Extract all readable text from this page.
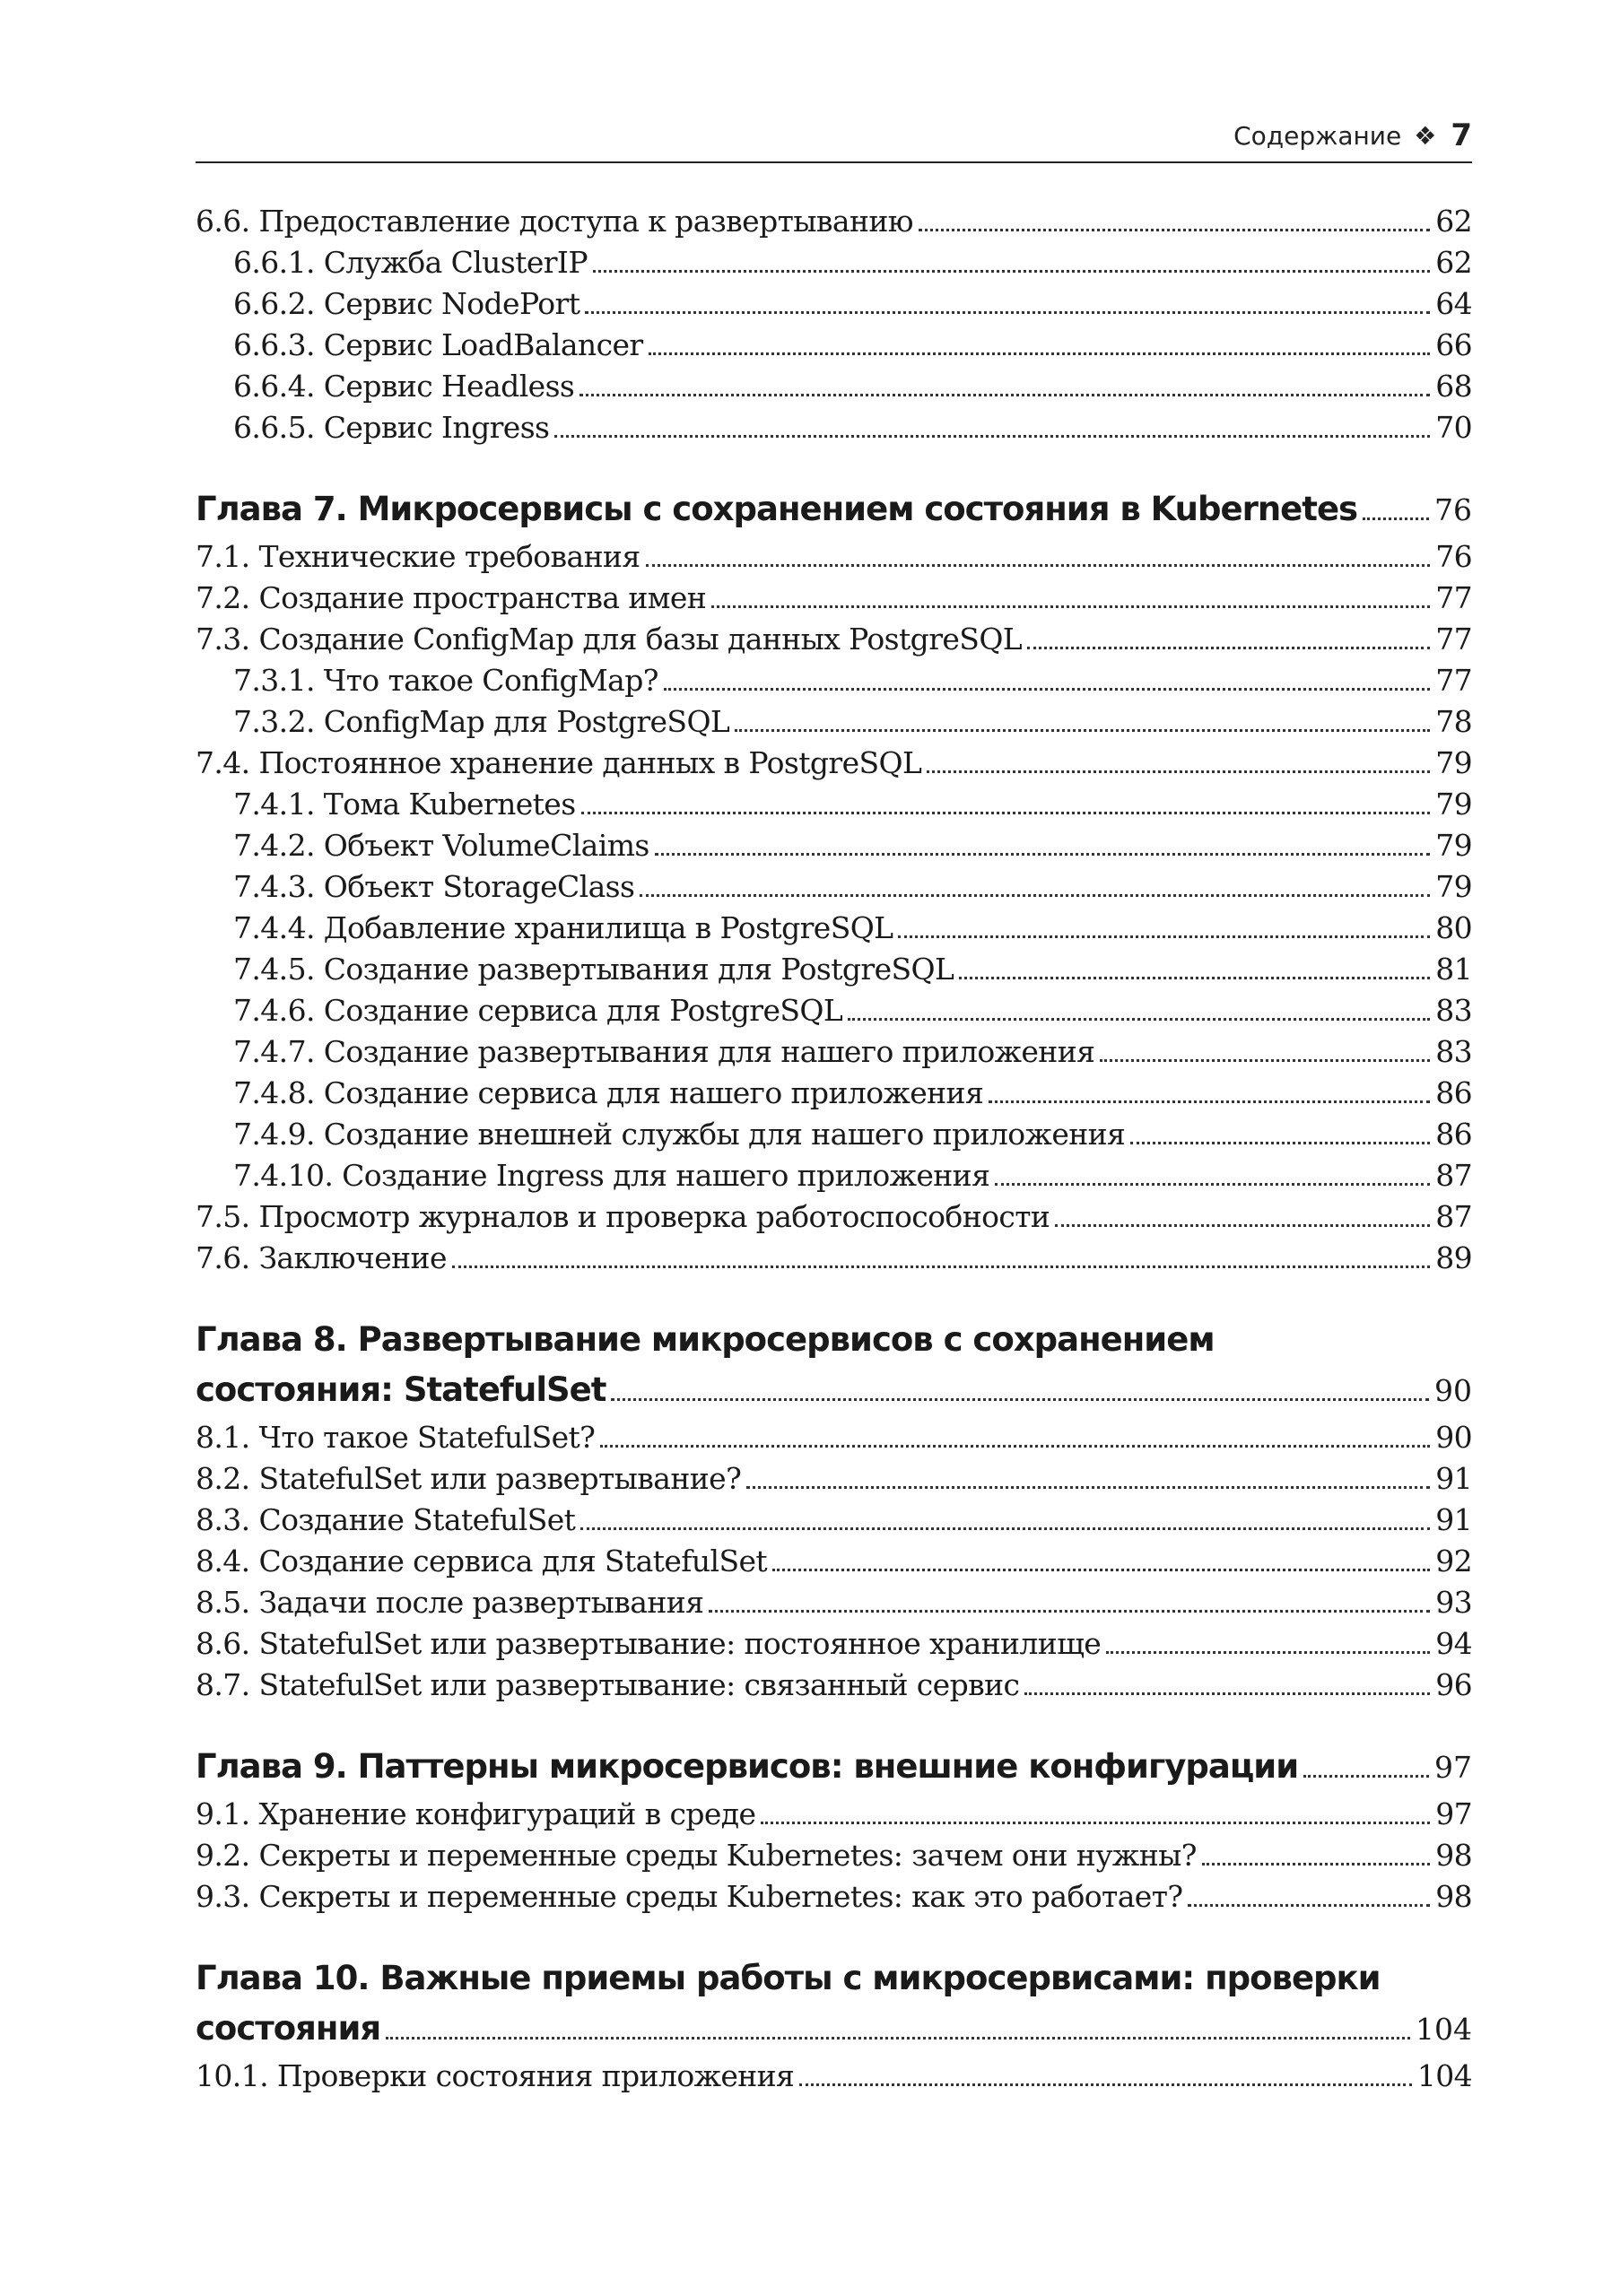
Содержание ❖ 7
6.6. Предоставление доступа к развертыванию	62
6.6.1. Служба ClusterIP	62
6.6.2. Сервис NodePort	64
6.6.3. Сервис LoadBalancer	66
6.6.4. Сервис Headless	68
6.6.5. Сервис Ingress	70
Глава 7. Микросервисы с сохранением состояния в Kubernetes	76
7.1. Технические требования	76
7.2. Создание пространства имен	77
7.3. Создание ConfigMap для базы данных PostgreSQL	77
7.3.1. Что такое ConfigMap?	77
7.3.2. ConfigMap для PostgreSQL	78
7.4. Постоянное хранение данных в PostgreSQL	79
7.4.1. Тома Kubernetes	79
7.4.2. Объект VolumeClaims	79
7.4.3. Объект StorageClass	79
7.4.4. Добавление хранилища в PostgreSQL	80
7.4.5. Создание развертывания для PostgreSQL	81
7.4.6. Создание сервиса для PostgreSQL	83
7.4.7. Создание развертывания для нашего приложения	83
7.4.8. Создание сервиса для нашего приложения	86
7.4.9. Создание внешней службы для нашего приложения	86
7.4.10. Создание Ingress для нашего приложения	87
7.5. Просмотр журналов и проверка работоспособности	87
7.6. Заключение	89
Глава 8. Развертывание микросервисов с сохранением
состояния: StatefulSet	90
8.1. Что такое StatefulSet?	90
8.2. StatefulSet или развертывание?	91
8.3. Создание StatefulSet	91
8.4. Создание сервиса для StatefulSet	92
8.5. Задачи после развертывания	93
8.6. StatefulSet или развертывание: постоянное хранилище	94
8.7. StatefulSet или развертывание: связанный сервис	96
Глава 9. Паттерны микросервисов: внешние конфигурации	97
9.1. Хранение конфигураций в среде	97
9.2. Секреты и переменные среды Kubernetes: зачем они нужны?	98
9.3. Секреты и переменные среды Kubernetes: как это работает?	98
Глава 10. Важные приемы работы с микросервисами: проверки
состояния	104
10.1. Проверки состояния приложения	104
